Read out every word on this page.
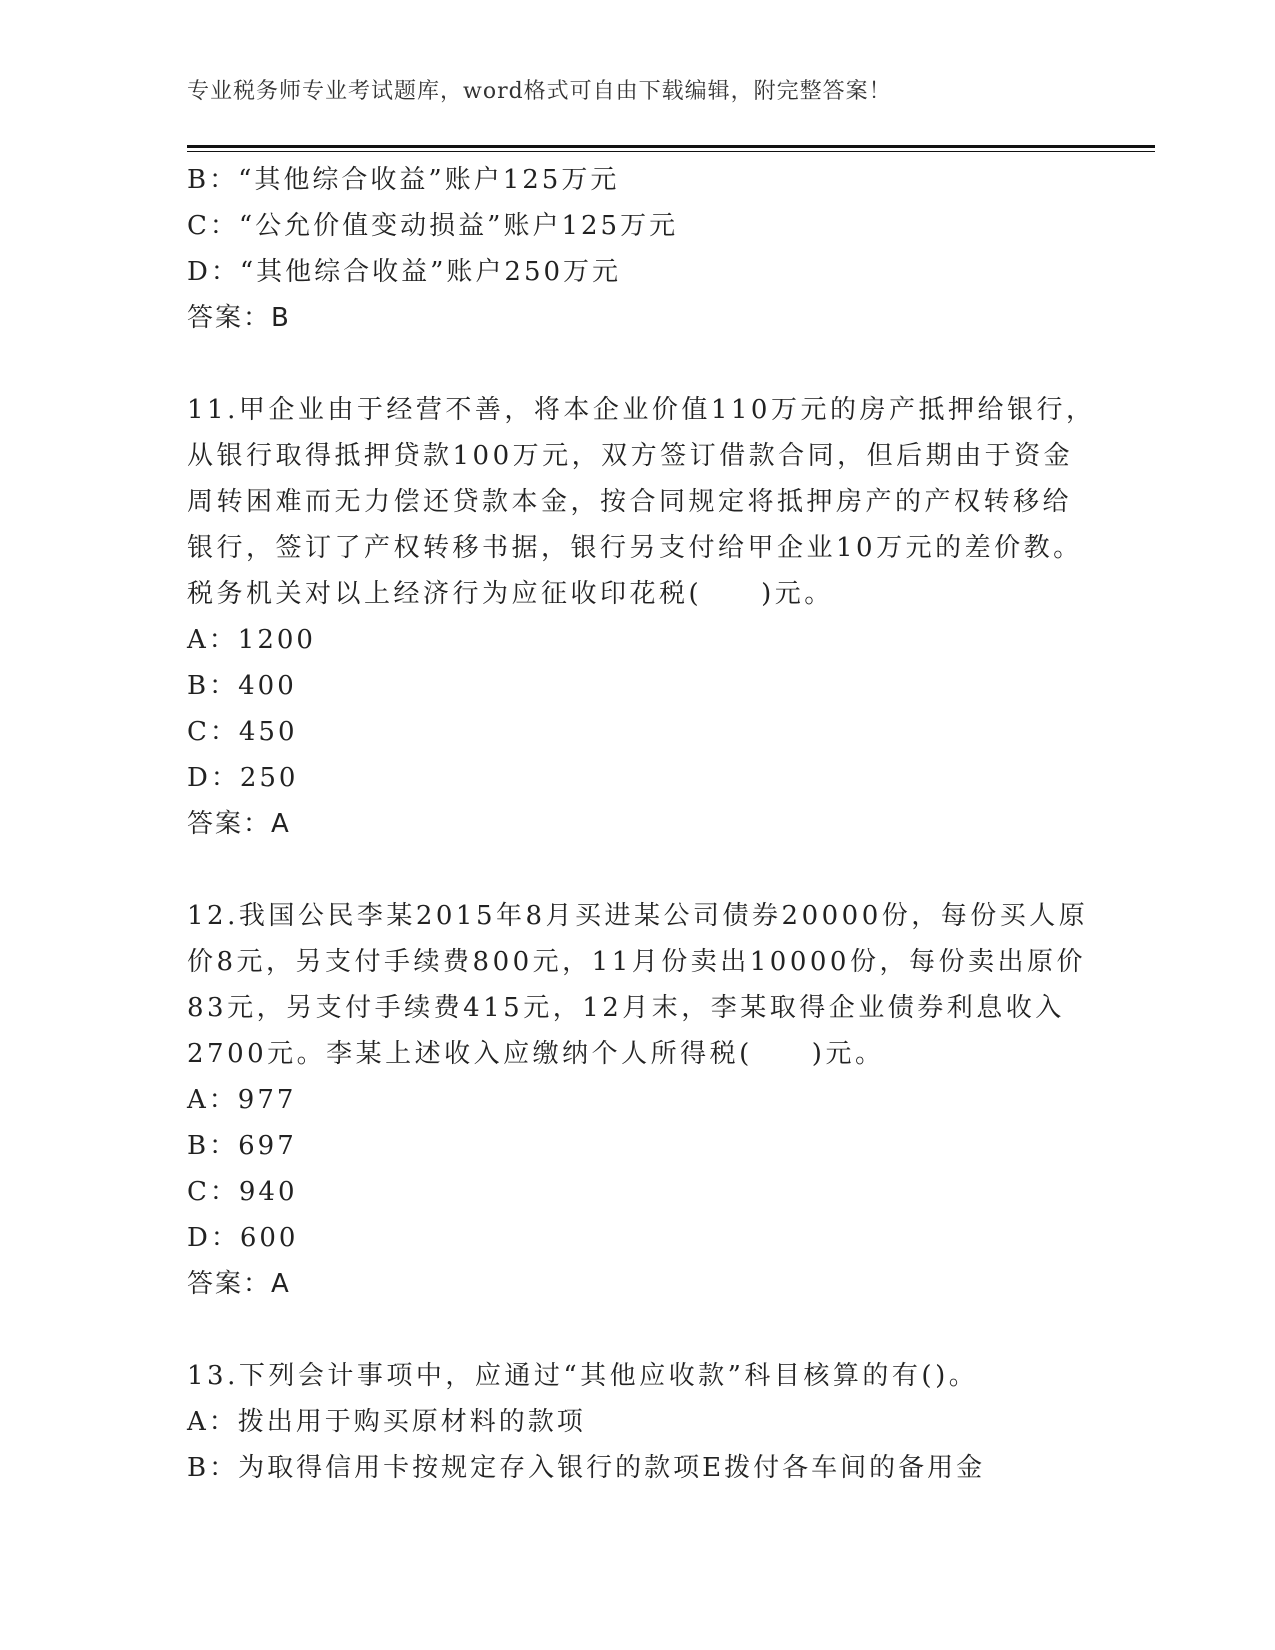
专业税务师专业考试题库，word格式可自由下载编辑，附完整答案！
B：“其他综合收益”账户125万元
C：“公允价值变动损益”账户125万元
D：“其他综合收益”账户250万元
答案：B
11.甲企业由于经营不善，将本企业价值110万元的房产抵押给银行，
从银行取得抵押贷款100万元，双方签订借款合同，但后期由于资金
周转困难而无力偿还贷款本金，按合同规定将抵押房产的产权转移给
银行，签订了产权转移书据，银行另支付给甲企业10万元的差价教。
税务机关对以上经济行为应征收印花税(　　)元。
A：1200
B：400
C：450
D：250
答案：A
12.我国公民李某2015年8月买进某公司债券20000份，每份买人原
价8元，另支付手续费800元，11月份卖出10000份，每份卖出原价
83元，另支付手续费415元，12月末，李某取得企业债券利息收入
2700元。李某上述收入应缴纳个人所得税(　　)元。
A：977
B：697
C：940
D：600
答案：A
13.下列会计事项中，应通过“其他应收款”科目核算的有()。
A：拨出用于购买原材料的款项
B：为取得信用卡按规定存入银行的款项E拨付各车间的备用金
